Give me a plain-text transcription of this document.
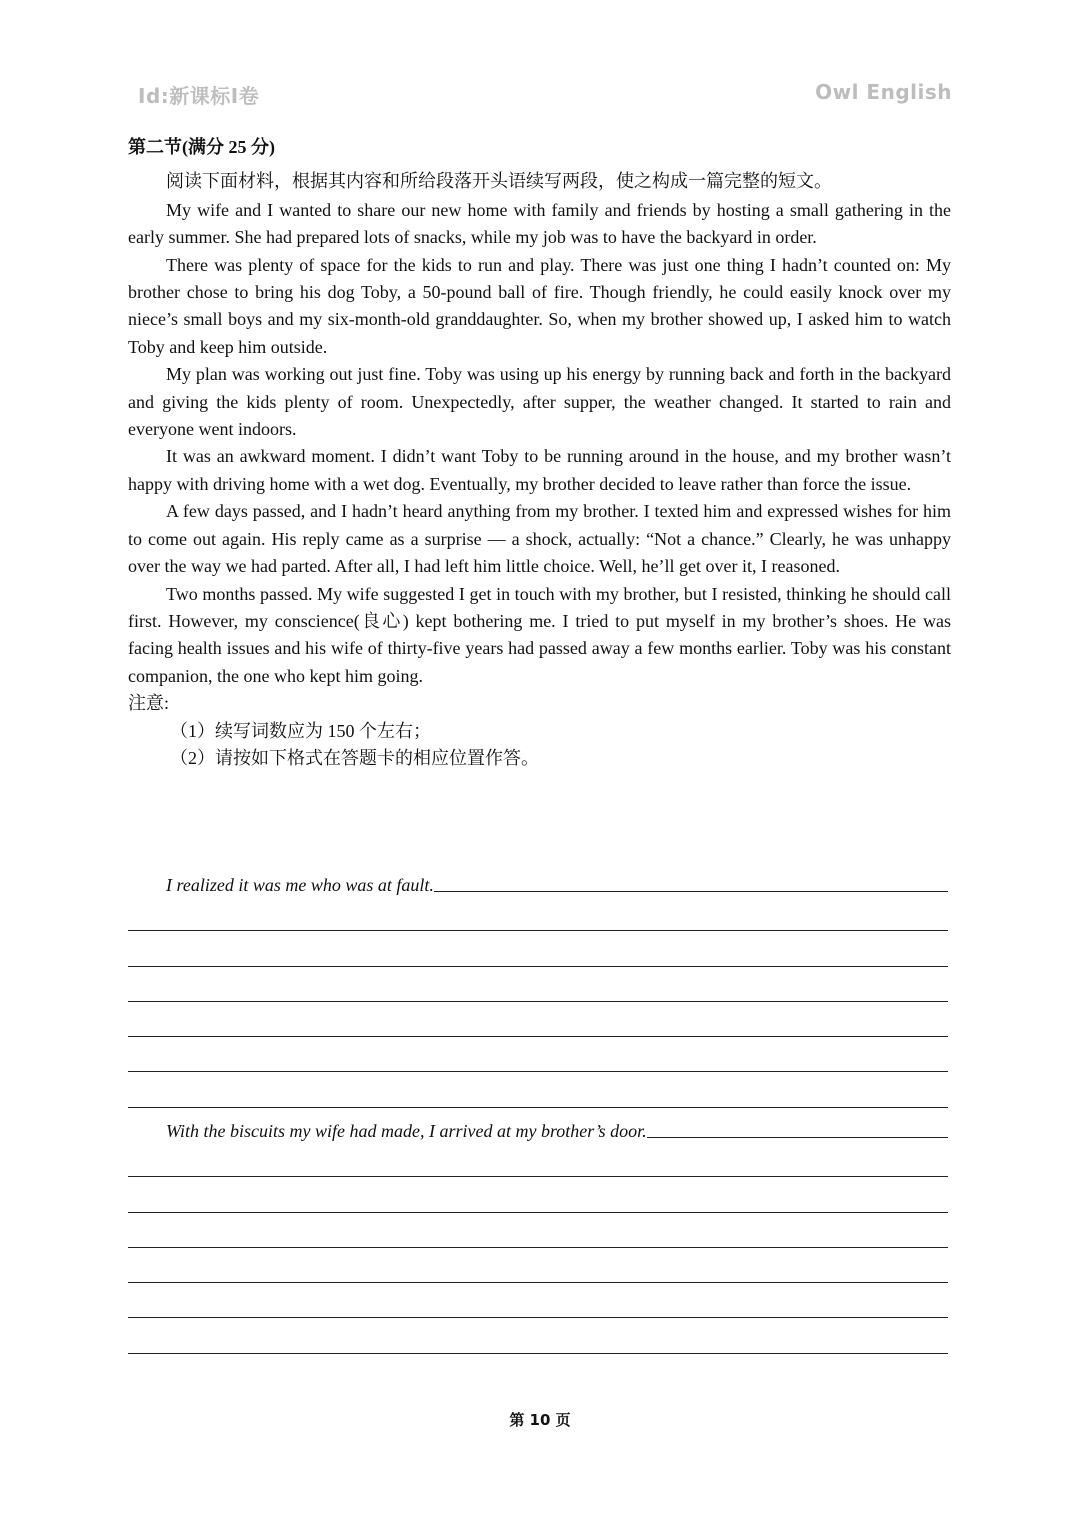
Id:新课标I卷	Owl English
第二节(满分 25 分)

阅读下面材料，根据其内容和所给段落开头语续写两段，使之构成一篇完整的短文。

My wife and I wanted to share our new home with family and friends by hosting a small gathering in the early summer. She had prepared lots of snacks, while my job was to have the backyard in order.

There was plenty of space for the kids to run and play. There was just one thing I hadn’t counted on: My brother chose to bring his dog Toby, a 50-pound ball of fire. Though friendly, he could easily knock over my niece’s small boys and my six-month-old granddaughter. So, when my brother showed up, I asked him to watch Toby and keep him outside.

My plan was working out just fine. Toby was using up his energy by running back and forth in the backyard and giving the kids plenty of room. Unexpectedly, after supper, the weather changed. It started to rain and everyone went indoors.

It was an awkward moment. I didn’t want Toby to be running around in the house, and my brother wasn’t happy with driving home with a wet dog. Eventually, my brother decided to leave rather than force the issue.

A few days passed, and I hadn’t heard anything from my brother. I texted him and expressed wishes for him to come out again. His reply came as a surprise — a shock, actually: “Not a chance.” Clearly, he was unhappy over the way we had parted. After all, I had left him little choice. Well, he’ll get over it, I reasoned.

Two months passed. My wife suggested I get in touch with my brother, but I resisted, thinking he should call first. However, my conscience(良心) kept bothering me. I tried to put myself in my brother’s shoes. He was facing health issues and his wife of thirty-five years had passed away a few months earlier. Toby was his constant companion, the one who kept him going.

注意:

（1）续写词数应为 150 个左右；

（2）请按如下格式在答题卡的相应位置作答。

I realized it was me who was at fault.
With the biscuits my wife had made, I arrived at my brother’s door.
第 10 页
